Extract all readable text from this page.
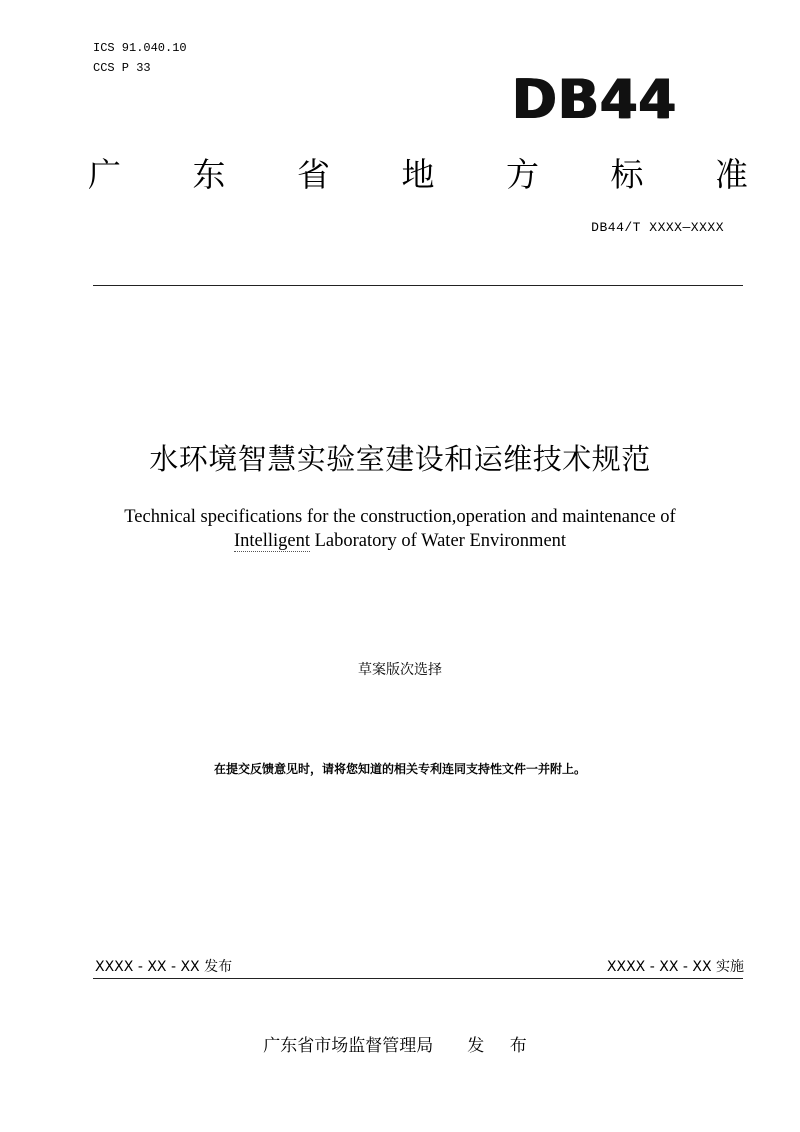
ICS 91.040.10
CCS P 33	DB44
广 东 省 地 方 标 准
DB44/T XXXX—XXXX
水环境智慧实验室建设和运维技术规范
Technical specifications for the construction,operation and maintenance of
Intelligent Laboratory of Water Environment
草案版次选择
在提交反馈意见时，请将您知道的相关专利连同支持性文件一并附上。
XXXX - XX - XX 发布	XXXX - XX - XX 实施
广东省市场监督管理局 发 布
